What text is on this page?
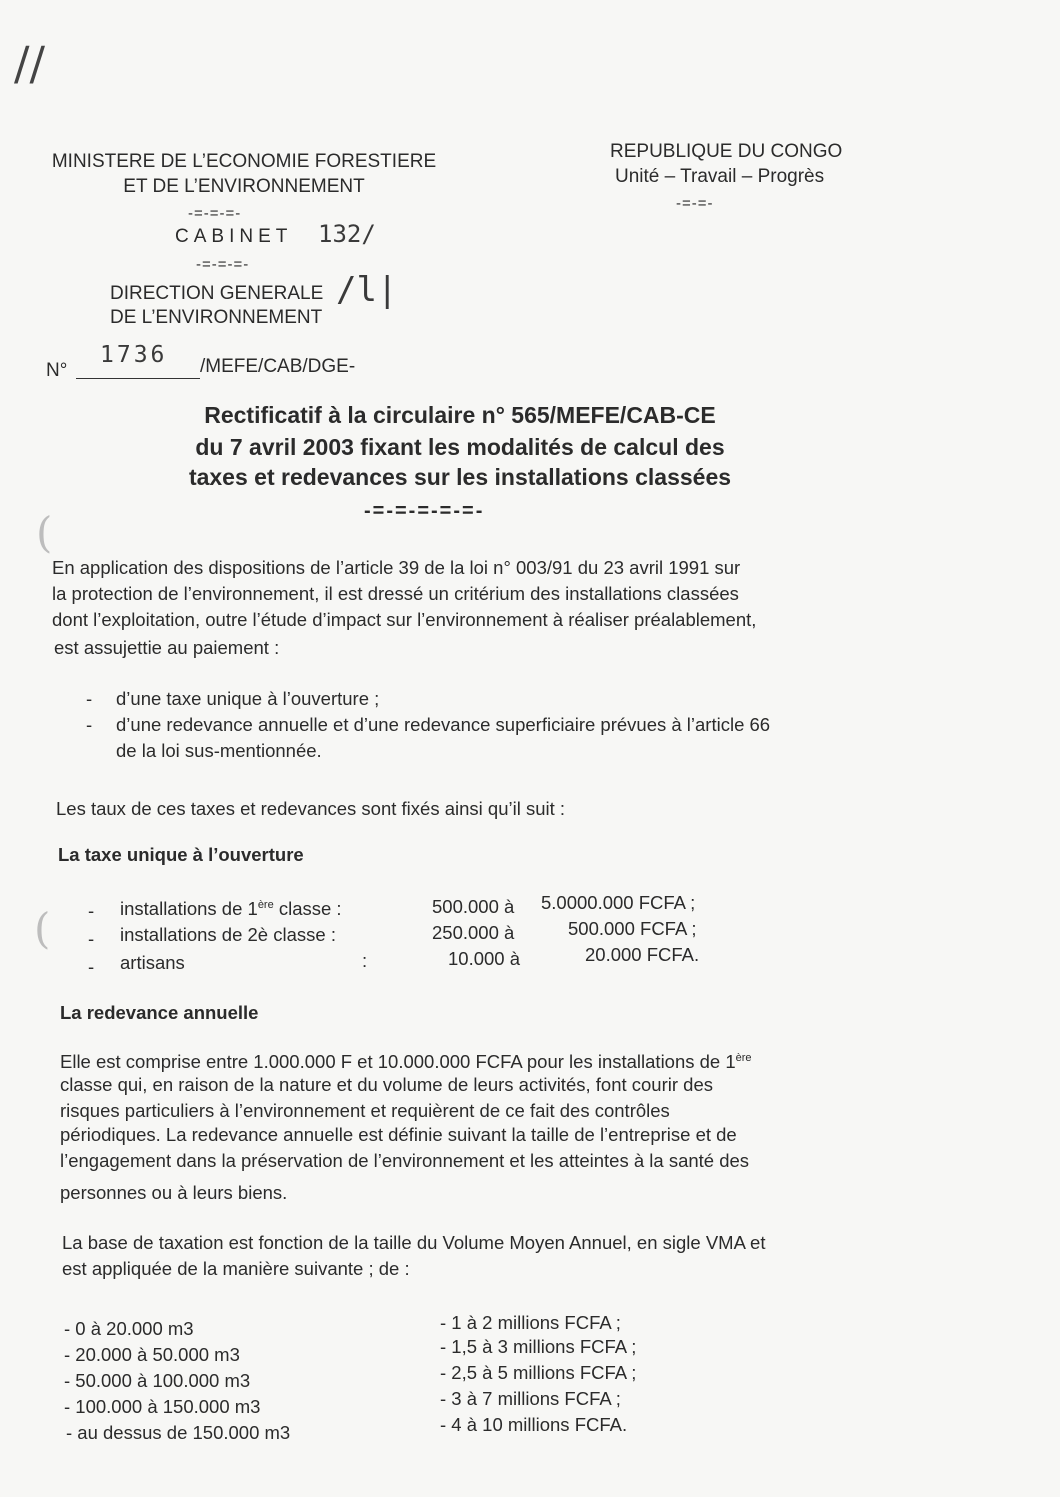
//
MINISTERE DE L’ECONOMIE FORESTIERE
ET DE L’ENVIRONNEMENT
-=-=-=-
CABINET 132/
-=-=-=-
DIRECTION GENERALE
DE L’ENVIRONNEMENT
/l|
REPUBLIQUE DU CONGO
Unité – Travail – Progrès
-=-=-
N°
1736 /MEFE/CAB/DGE-
Rectificatif à la circulaire n° 565/MEFE/CAB-CE
du 7 avril 2003 fixant les modalités de calcul des
taxes et redevances sur les installations classées
-=-=-=-=-=-
(
En application des dispositions de l’article 39 de la loi n° 003/91 du 23 avril 1991 sur
la protection de l’environnement, il est dressé un critérium des installations classées
dont l’exploitation, outre l’étude d’impact sur l’environnement à réaliser préalablement,
est assujettie au paiement :
- d’une taxe unique à l’ouverture ;
- d’une redevance annuelle et d’une redevance superficiaire prévues à l’article 66
de la loi sus-mentionnée.
Les taux de ces taxes et redevances sont fixés ainsi qu’il suit :
La taxe unique à l’ouverture
- installations de 1ère classe :	500.000 à 5.0000.000 FCFA ;
( - installations de 2è classe :	250.000 à	500.000 FCFA ;
- artisans	:	10.000 à	20.000 FCFA.
La redevance annuelle
Elle est comprise entre 1.000.000 F et 10.000.000 FCFA pour les installations de 1ère
classe qui, en raison de la nature et du volume de leurs activités, font courir des
risques particuliers à l’environnement et requièrent de ce fait des contrôles
périodiques. La redevance annuelle est définie suivant la taille de l’entreprise et de
l’engagement dans la préservation de l’environnement et les atteintes à la santé des
personnes ou à leurs biens.
La base de taxation est fonction de la taille du Volume Moyen Annuel, en sigle VMA et
est appliquée de la manière suivante ; de :
- 0 à 20.000 m3	- 1 à 2 millions FCFA ;
- 20.000 à 50.000 m3	- 1,5 à 3 millions FCFA ;
- 50.000 à 100.000 m3	- 2,5 à 5 millions FCFA ;
- 100.000 à 150.000 m3	- 3 à 7 millions FCFA ;
- au dessus de 150.000 m3	- 4 à 10 millions FCFA.
